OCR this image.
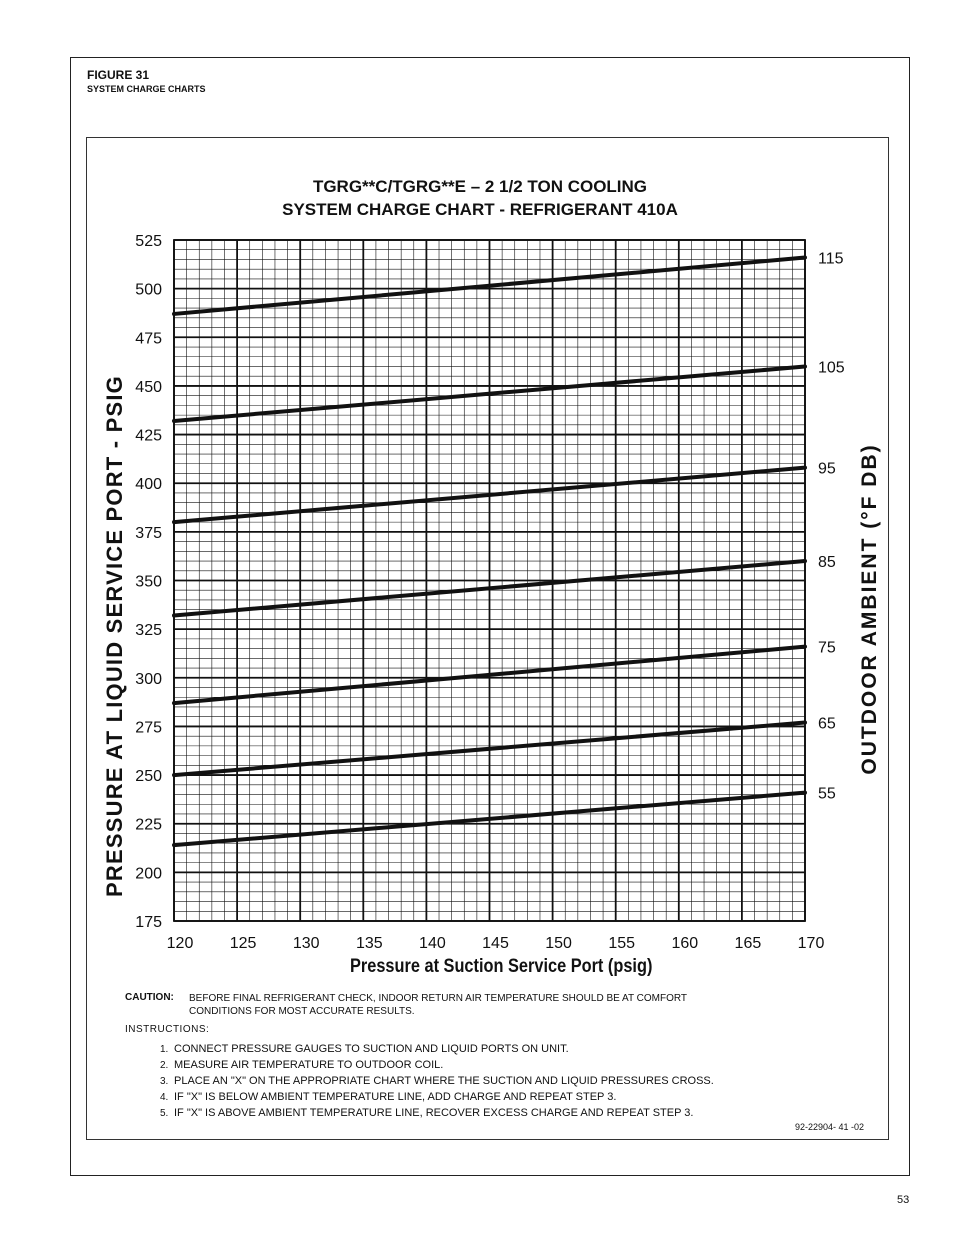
FIGURE 31
SYSTEM CHARGE CHARTS
TGRG**C/TGRG**E – 2 1/2 TON COOLING
SYSTEM CHARGE CHART - REFRIGERANT 410A
PRESSURE AT LIQUID SERVICE PORT - PSIG	OUTDOOR AMBIENT (°F DB)
Pressure at Suction Service Port (psig)
120 125 130 135 140 145 150 155 160 165 170
175
200
225
250
275
300
325
350
375
400
425
450
475
500
525
115
105
95
85
75
65
55
CAUTION: BEFORE FINAL REFRIGERANT CHECK, INDOOR RETURN AIR TEMPERATURE SHOULD BE AT COMFORT CONDITIONS FOR MOST ACCURATE RESULTS.
INSTRUCTIONS:
1. CONNECT PRESSURE GAUGES TO SUCTION AND LIQUID PORTS ON UNIT.
2. MEASURE AIR TEMPERATURE TO OUTDOOR COIL.
3. PLACE AN "X" ON THE APPROPRIATE CHART WHERE THE SUCTION AND LIQUID PRESSURES CROSS.
4. IF "X" IS BELOW AMBIENT TEMPERATURE LINE, ADD CHARGE AND REPEAT STEP 3.
5. IF "X" IS ABOVE AMBIENT TEMPERATURE LINE, RECOVER EXCESS CHARGE AND REPEAT STEP 3.
92-22904- 41 -02
53
